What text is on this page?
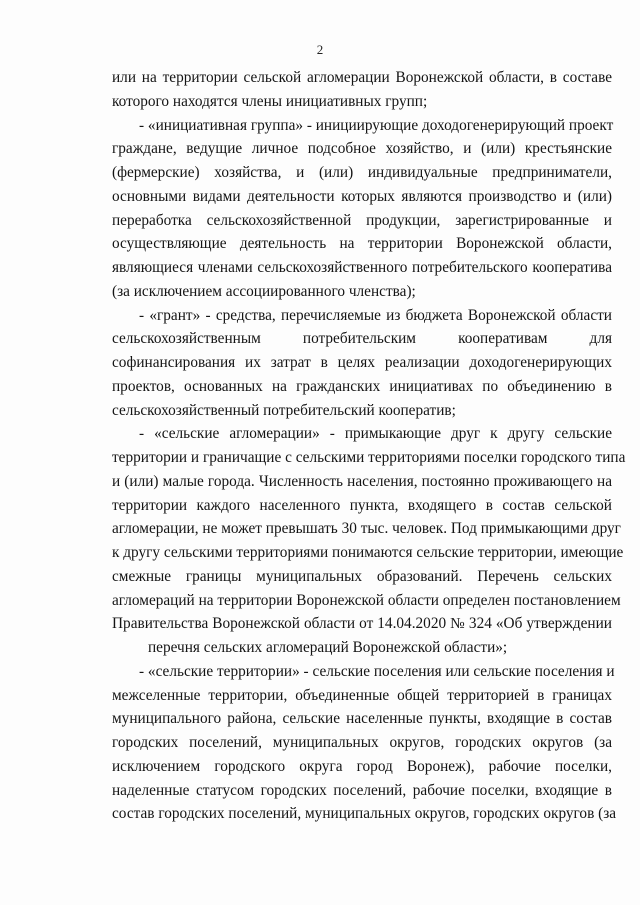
2
или на территории сельской агломерации Воронежской области, в составе
которого находятся члены инициативных групп;
- «инициативная группа» - инициирующие доходогенерирующий проект
граждане, ведущие личное подсобное хозяйство, и (или) крестьянские
(фермерские) хозяйства, и (или) индивидуальные предприниматели,
основными видами деятельности которых являются производство и (или)
переработка сельскохозяйственной продукции, зарегистрированные и
осуществляющие деятельность на территории Воронежской области,
являющиеся членами сельскохозяйственного потребительского кооператива
(за исключением ассоциированного членства);
- «грант» - средства, перечисляемые из бюджета Воронежской области
сельскохозяйственным потребительским кооперативам для
софинансирования их затрат в целях реализации доходогенерирующих
проектов, основанных на гражданских инициативах по объединению в
сельскохозяйственный потребительский кооператив;
- «сельские агломерации» - примыкающие друг к другу сельские
территории и граничащие с сельскими территориями поселки городского типа
и (или) малые города. Численность населения, постоянно проживающего на
территории каждого населенного пункта, входящего в состав сельской
агломерации, не может превышать 30 тыс. человек. Под примыкающими друг
к другу сельскими территориями понимаются сельские территории, имеющие
смежные границы муниципальных образований. Перечень сельских
агломераций на территории Воронежской области определен постановлением
Правительства Воронежской области от 14.04.2020 № 324 «Об утверждении
перечня сельских агломераций Воронежской области»;
- «сельские территории» - сельские поселения или сельские поселения и
межселенные территории, объединенные общей территорией в границах
муниципального района, сельские населенные пункты, входящие в состав
городских поселений, муниципальных округов, городских округов (за
исключением городского округа город Воронеж), рабочие поселки,
наделенные статусом городских поселений, рабочие поселки, входящие в
состав городских поселений, муниципальных округов, городских округов (за
